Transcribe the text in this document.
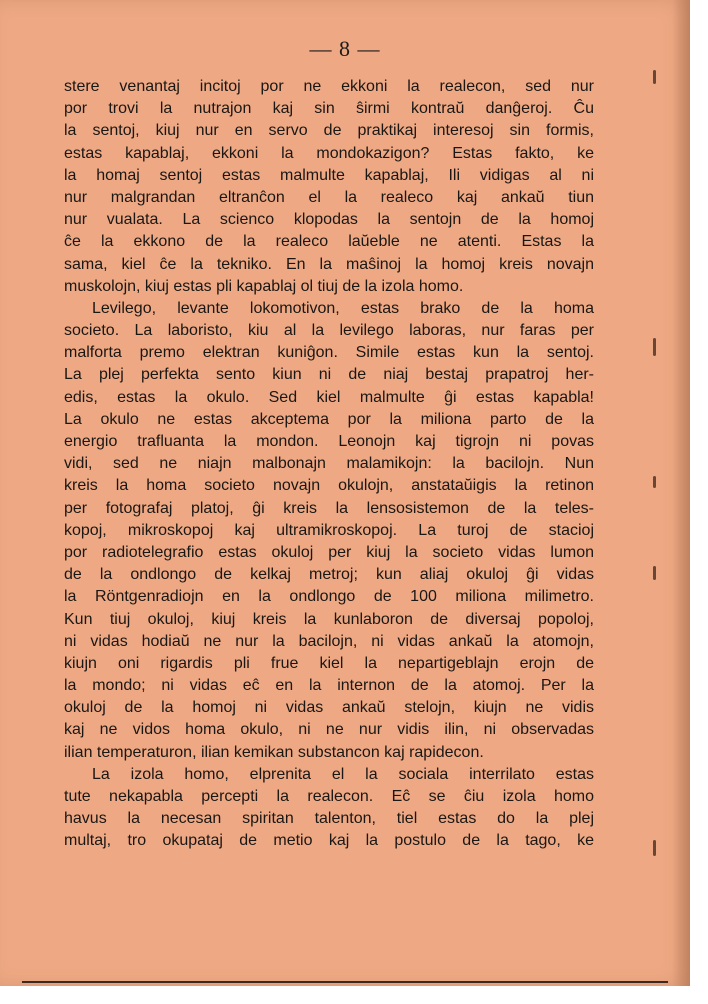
— 8 —
stere venantaj incitoj por ne ekkoni la realecon, sed nur
por trovi la nutrajon kaj sin ŝirmi kontraŭ danĝeroj. Ĉu
la sentoj, kiuj nur en servo de praktikaj interesoj sin formis,
estas kapablaj, ekkoni la mondokazigon? Estas fakto, ke
la homaj sentoj estas malmulte kapablaj, Ili vidigas al ni
nur malgrandan eltranĉon el la realeco kaj ankaŭ tiun
nur vualata. La scienco klopodas la sentojn de la homoj
ĉe la ekkono de la realeco laŭeble ne atenti. Estas la
sama, kiel ĉe la tekniko. En la maŝinoj la homoj kreis novajn
muskolojn, kiuj estas pli kapablaj ol tiuj de la izola homo.
Levilego, levante lokomotivon, estas brako de la homa
societo. La laboristo, kiu al la levilego laboras, nur faras per
malforta premo elektran kuniĝon. Simile estas kun la sentoj.
La plej perfekta sento kiun ni de niaj bestaj prapatroj her-
edis, estas la okulo. Sed kiel malmulte ĝi estas kapabla!
La okulo ne estas akceptema por la miliona parto de la
energio trafluanta la mondon. Leonojn kaj tigrojn ni povas
vidi, sed ne niajn malbonajn malamikojn: la bacilojn. Nun
kreis la homa societo novajn okulojn, anstataŭigis la retinon
per fotografaj platoj, ĝi kreis la lensosistemon de la teles-
kopoj, mikroskopoj kaj ultramikroskopoj. La turoj de stacioj
por radiotelegrafio estas okuloj per kiuj la societo vidas lumon
de la ondlongo de kelkaj metroj; kun aliaj okuloj ĝi vidas
la Röntgenradiojn en la ondlongo de 100 miliona milimetro.
Kun tiuj okuloj, kiuj kreis la kunlaboron de diversaj popoloj,
ni vidas hodiaŭ ne nur la bacilojn, ni vidas ankaŭ la atomojn,
kiujn oni rigardis pli frue kiel la nepartigeblajn erojn de
la mondo; ni vidas eĉ en la internon de la atomoj. Per la
okuloj de la homoj ni vidas ankaŭ stelojn, kiujn ne vidis
kaj ne vidos homa okulo, ni ne nur vidis ilin, ni observadas
ilian temperaturon, ilian kemikan substancon kaj rapidecon.
La izola homo, elprenita el la sociala interrilato estas
tute nekapabla percepti la realecon. Eĉ se ĉiu izola homo
havus la necesan spiritan talenton, tiel estas do la plej
multaj, tro okupataj de metio kaj la postulo de la tago, ke
